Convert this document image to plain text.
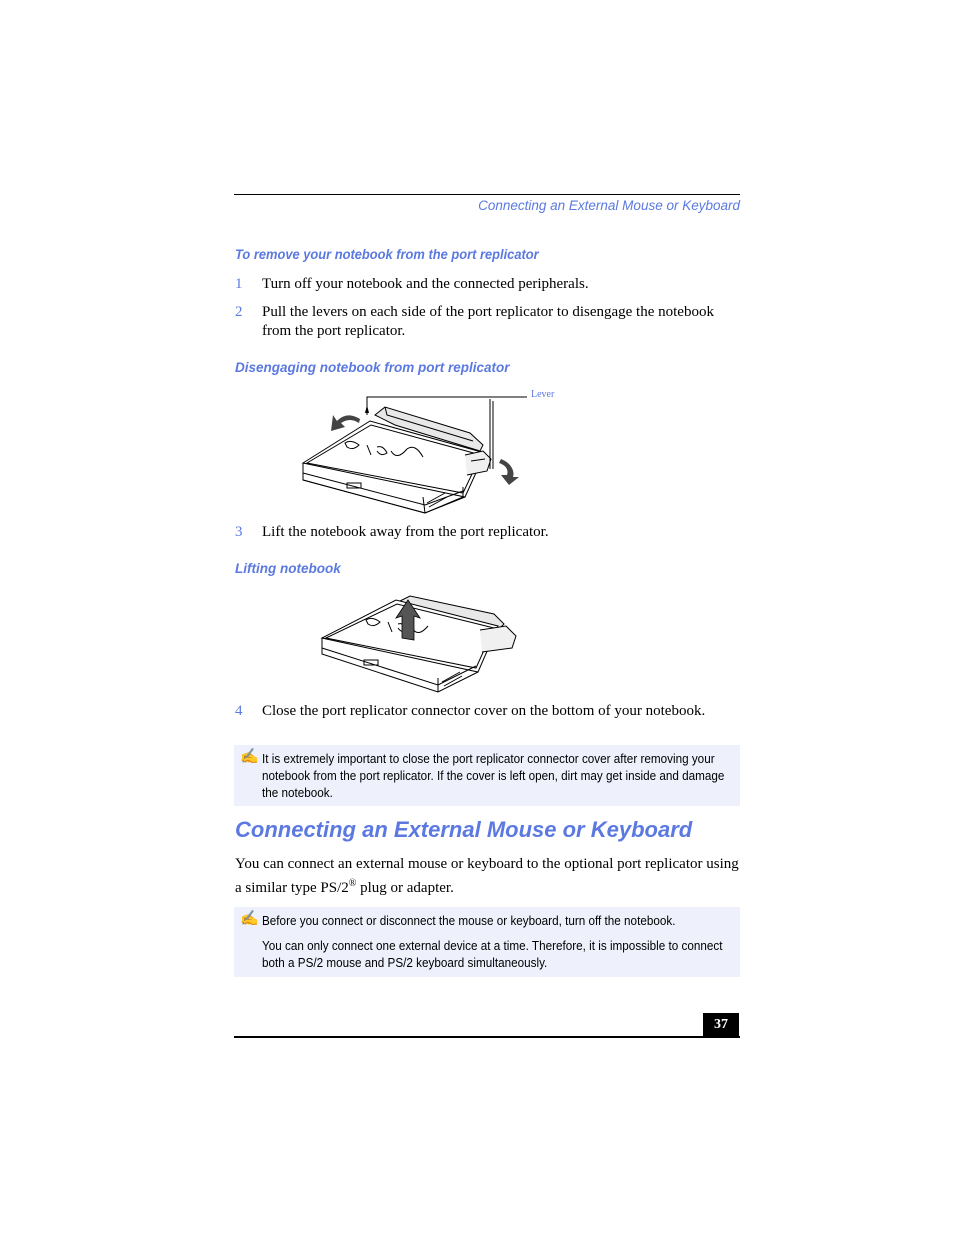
Connecting an External Mouse or Keyboard
To remove your notebook from the port replicator
1 Turn off your notebook and the connected peripherals.
2 Pull the levers on each side of the port replicator to disengage the notebook from the port replicator.
Disengaging notebook from port replicator
Lever
3 Lift the notebook away from the port replicator.
Lifting notebook
4 Close the port replicator connector cover on the bottom of your notebook.
✍ It is extremely important to close the port replicator connector cover after removing your notebook from the port replicator. If the cover is left open, dirt may get inside and damage the notebook.

Connecting an External Mouse or Keyboard
You can connect an external mouse or keyboard to the optional port replicator using a similar type PS/2® plug or adapter.
✍ Before you connect or disconnect the mouse or keyboard, turn off the notebook.

You can only connect one external device at a time. Therefore, it is impossible to connect both a PS/2 mouse and PS/2 keyboard simultaneously.

37
